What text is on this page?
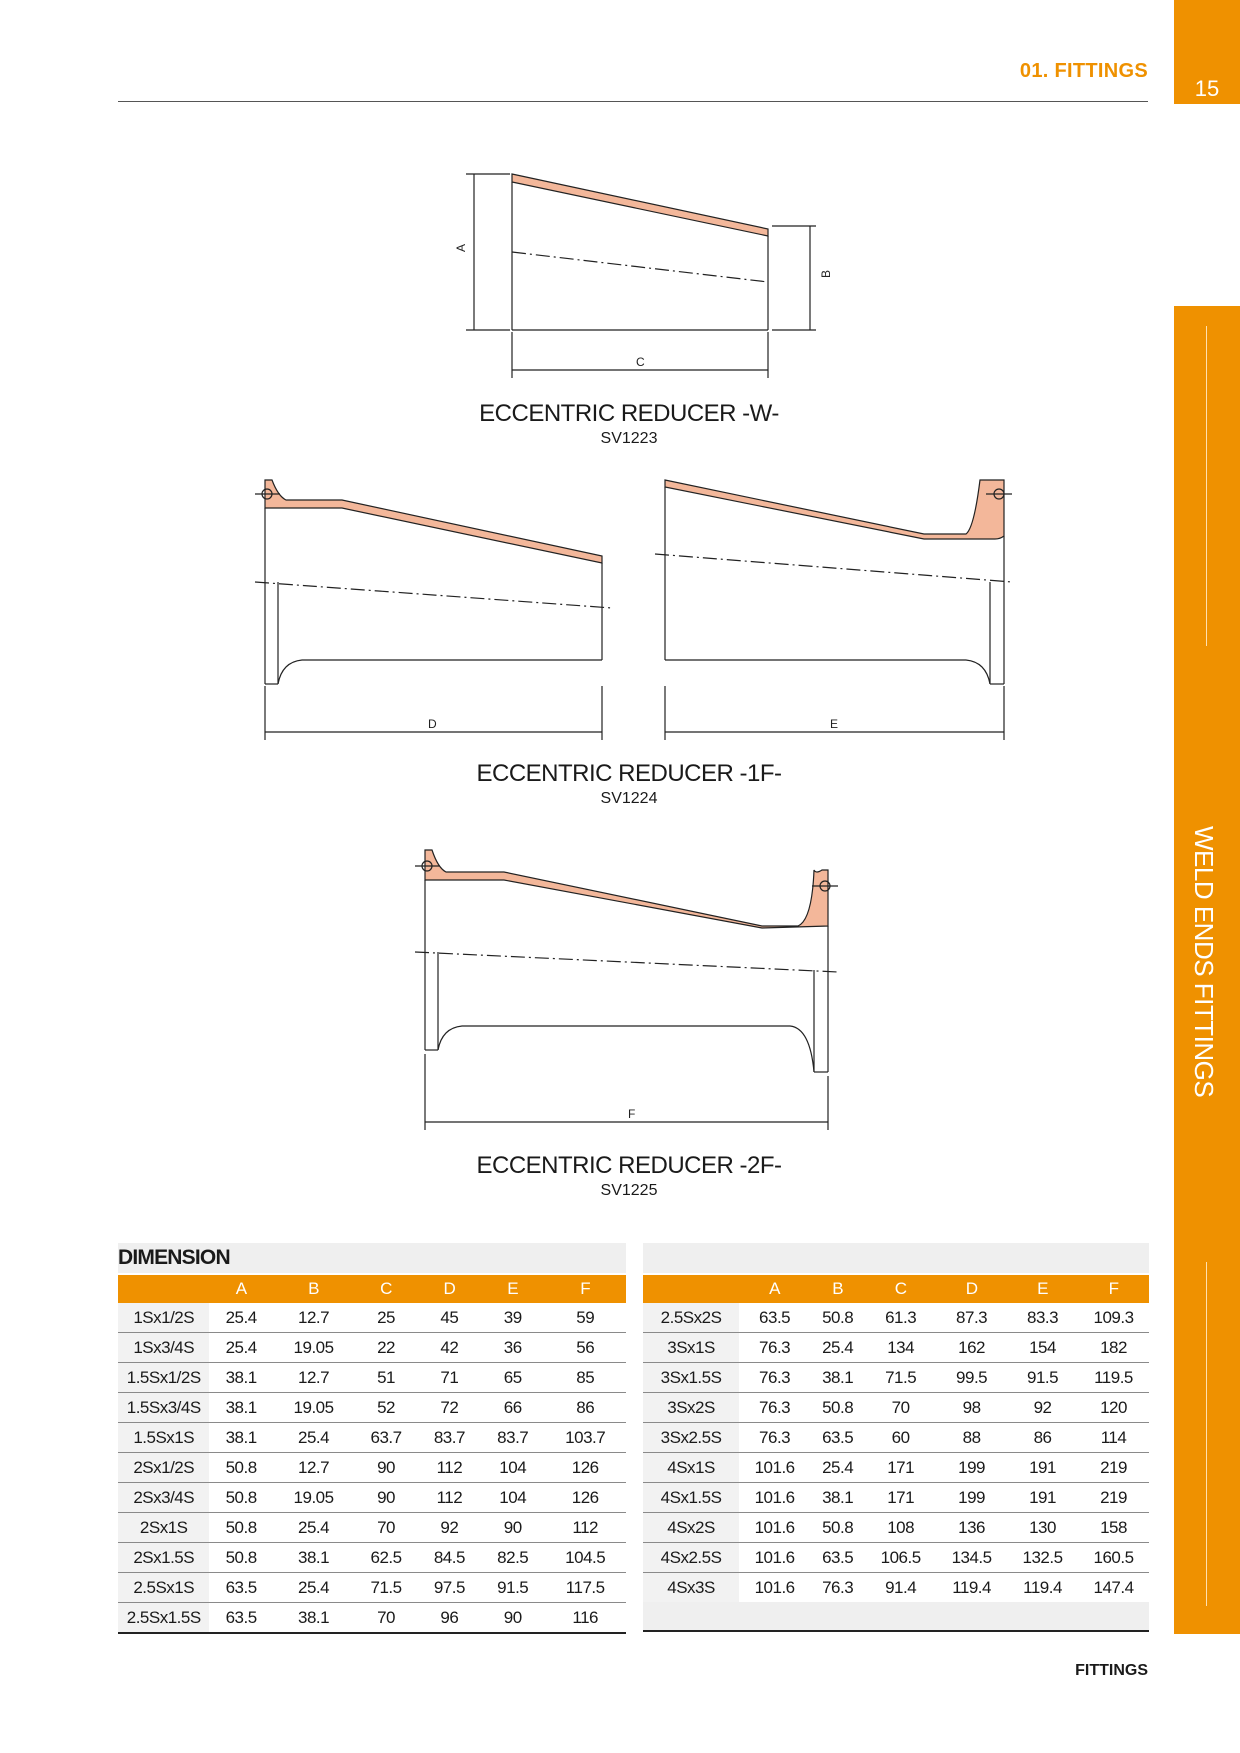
01. FITTINGS
15
WELD ENDS FITTINGS
A
B
C
ECCENTRIC REDUCER -W-
SV1223
D	E
ECCENTRIC REDUCER -1F-
SV1224
F
ECCENTRIC REDUCER -2F-
SV1225
DIMENSION
	A	B	C	D	E	F
1Sx1/2S	25.4	12.7	25	45	39	59
1Sx3/4S	25.4	19.05	22	42	36	56
1.5Sx1/2S	38.1	12.7	51	71	65	85
1.5Sx3/4S	38.1	19.05	52	72	66	86
1.5Sx1S	38.1	25.4	63.7	83.7	83.7	103.7
2Sx1/2S	50.8	12.7	90	112	104	126
2Sx3/4S	50.8	19.05	90	112	104	126
2Sx1S	50.8	25.4	70	92	90	112
2Sx1.5S	50.8	38.1	62.5	84.5	82.5	104.5
2.5Sx1S	63.5	25.4	71.5	97.5	91.5	117.5
2.5Sx1.5S	63.5	38.1	70	96	90	116
	A	B	C	D	E	F
2.5Sx2S	63.5	50.8	61.3	87.3	83.3	109.3
3Sx1S	76.3	25.4	134	162	154	182
3Sx1.5S	76.3	38.1	71.5	99.5	91.5	119.5
3Sx2S	76.3	50.8	70	98	92	120
3Sx2.5S	76.3	63.5	60	88	86	114
4Sx1S	101.6	25.4	171	199	191	219
4Sx1.5S	101.6	38.1	171	199	191	219
4Sx2S	101.6	50.8	108	136	130	158
4Sx2.5S	101.6	63.5	106.5	134.5	132.5	160.5
4Sx3S	101.6	76.3	91.4	119.4	119.4	147.4
FITTINGS
